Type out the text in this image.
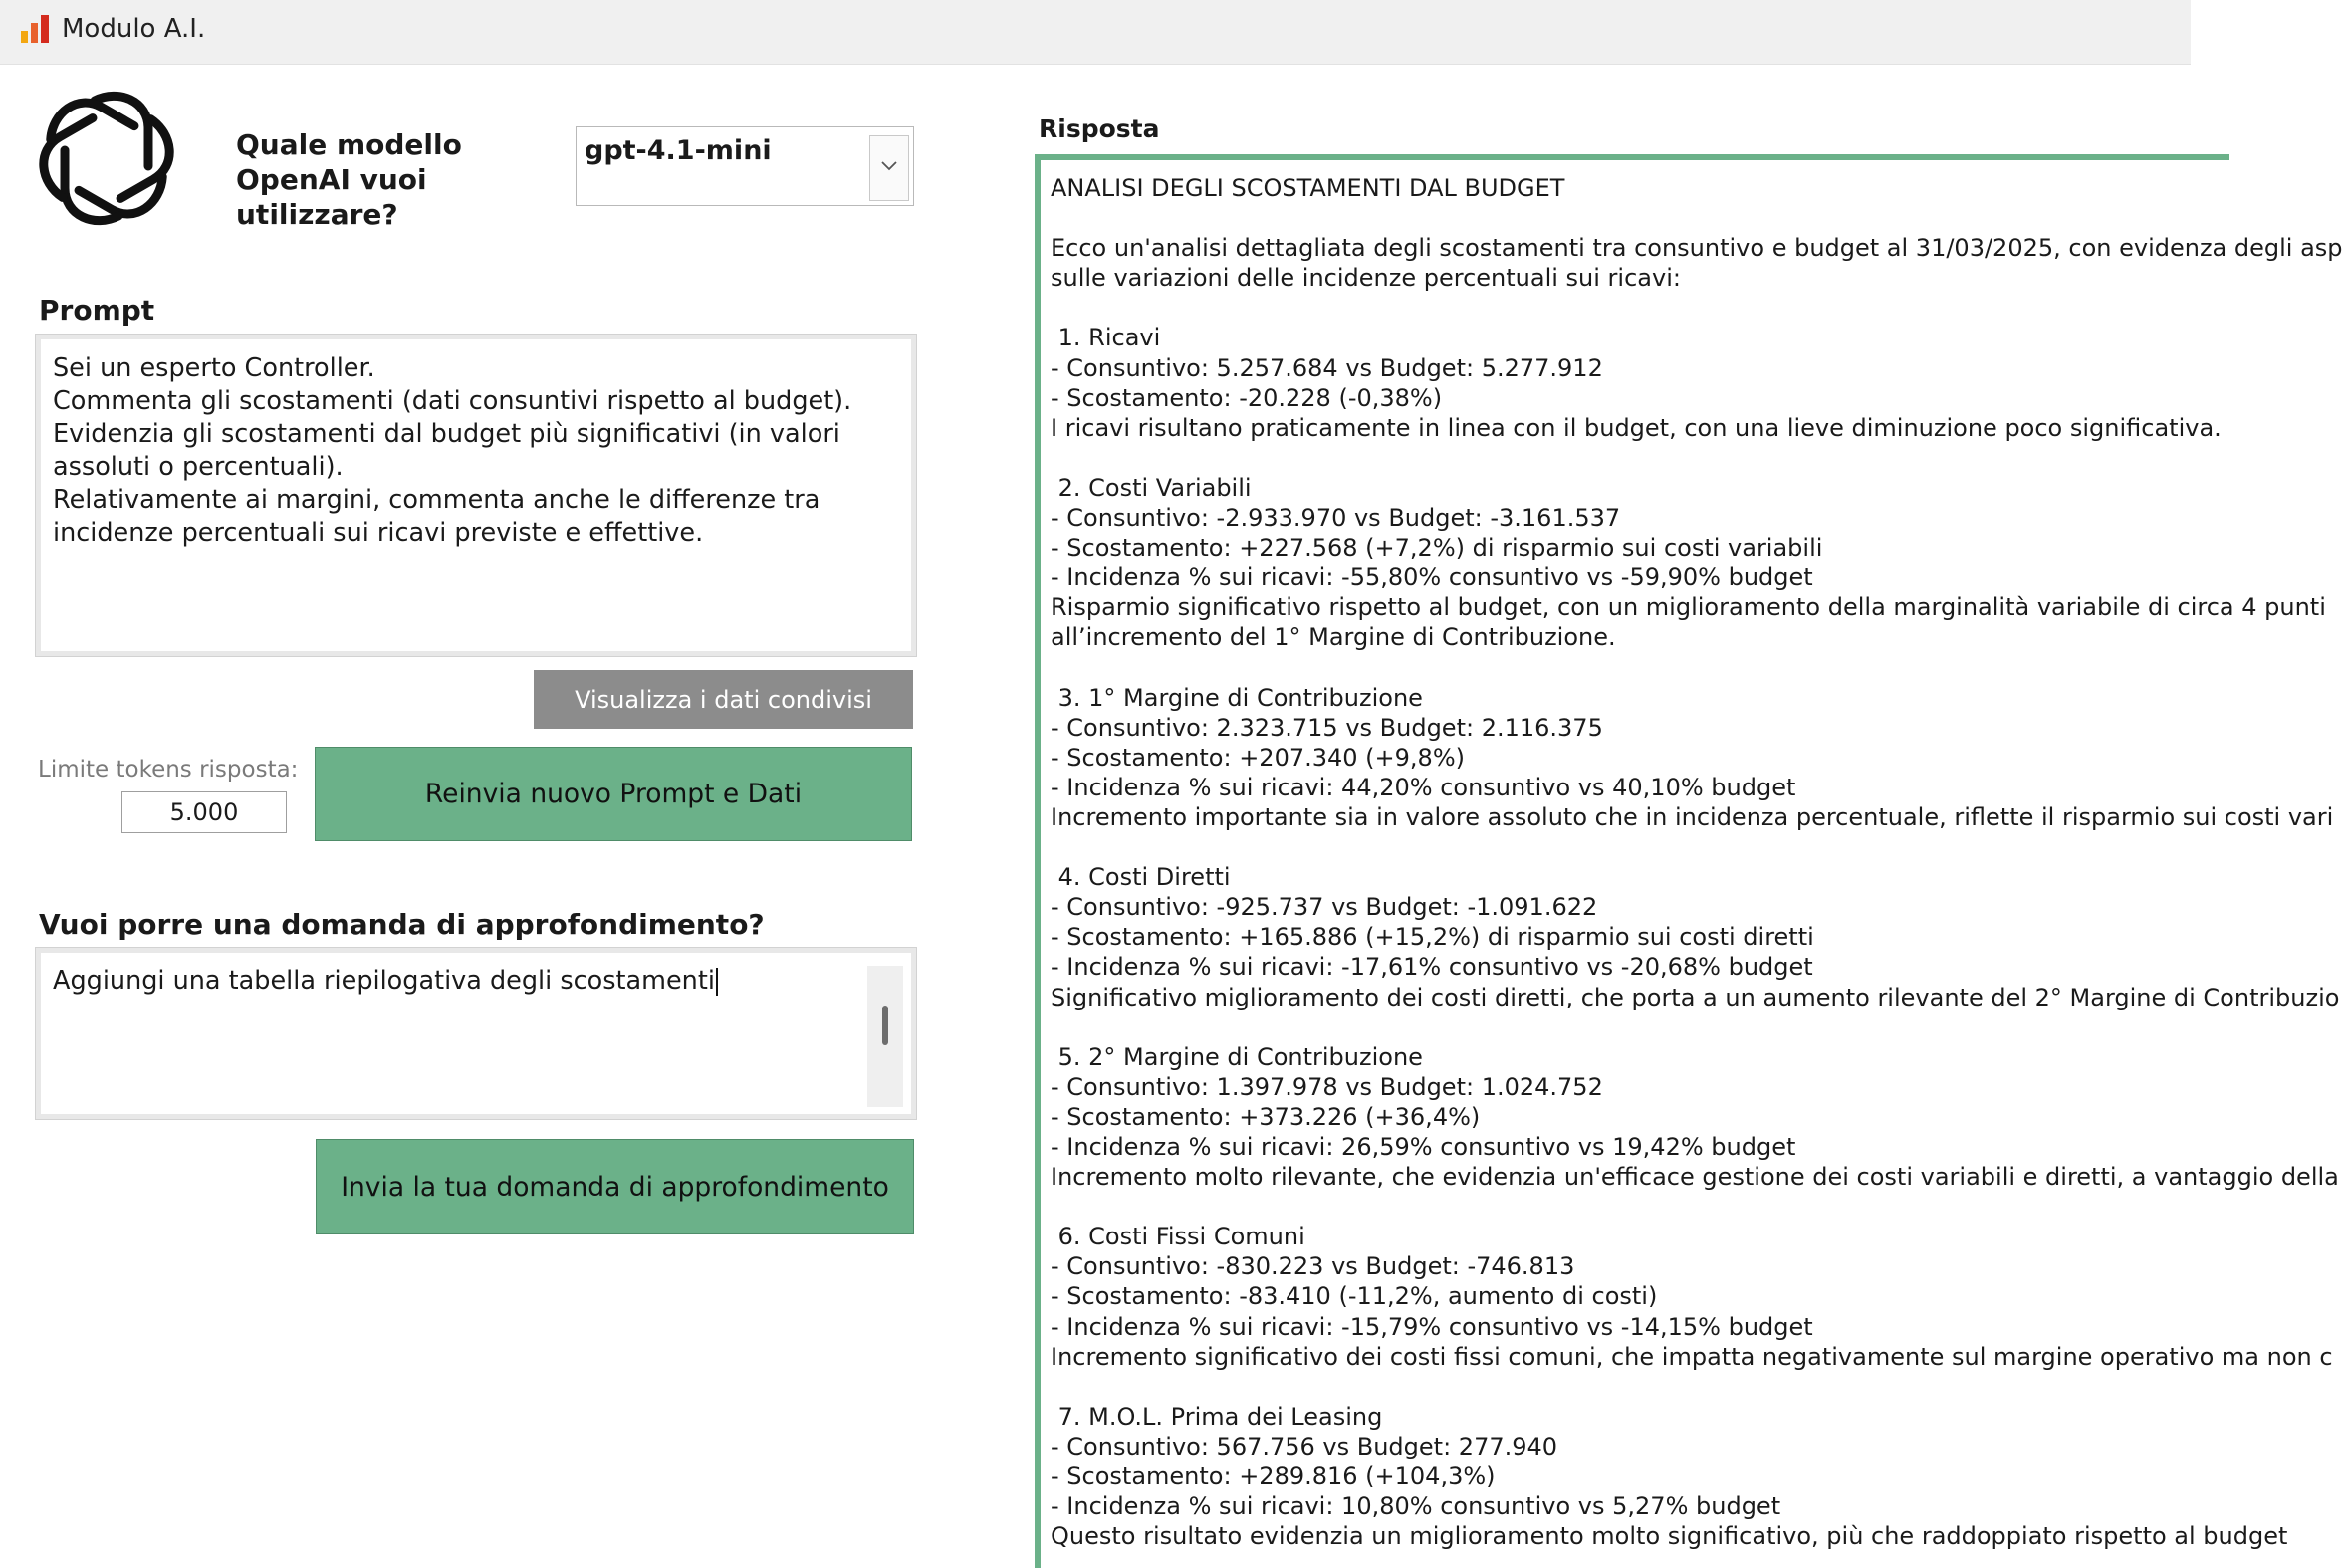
Modulo A.I.
Quale modello OpenAI vuoi utilizzare?
gpt-4.1-mini
Prompt
Sei un esperto Controller.
Commenta gli scostamenti (dati consuntivi rispetto al budget).
Evidenzia gli scostamenti dal budget più significativi (in valori
assoluti o percentuali).
Relativamente ai margini, commenta anche le differenze tra
incidenze percentuali sui ricavi previste e effettive.
Visualizza i dati condivisi
Limite tokens risposta:
5.000
Reinvia nuovo Prompt e Dati
Vuoi porre una domanda di approfondimento?
Aggiungi una tabella riepilogativa degli scostamenti
Invia la tua domanda di approfondimento
Risposta
ANALISI DEGLI SCOSTAMENTI DAL BUDGET

Ecco un'analisi dettagliata degli scostamenti tra consuntivo e budget al 31/03/2025, con evidenza degli asp
sulle variazioni delle incidenze percentuali sui ricavi:

1. Ricavi
- Consuntivo: 5.257.684 vs Budget: 5.277.912
- Scostamento: -20.228 (-0,38%)
I ricavi risultano praticamente in linea con il budget, con una lieve diminuzione poco significativa.

2. Costi Variabili
- Consuntivo: -2.933.970 vs Budget: -3.161.537
- Scostamento: +227.568 (+7,2%) di risparmio sui costi variabili
- Incidenza % sui ricavi: -55,80% consuntivo vs -59,90% budget
Risparmio significativo rispetto al budget, con un miglioramento della marginalità variabile di circa 4 punti
all’incremento del 1° Margine di Contribuzione.

3. 1° Margine di Contribuzione
- Consuntivo: 2.323.715 vs Budget: 2.116.375
- Scostamento: +207.340 (+9,8%)
- Incidenza % sui ricavi: 44,20% consuntivo vs 40,10% budget
Incremento importante sia in valore assoluto che in incidenza percentuale, riflette il risparmio sui costi vari

4. Costi Diretti
- Consuntivo: -925.737 vs Budget: -1.091.622
- Scostamento: +165.886 (+15,2%) di risparmio sui costi diretti
- Incidenza % sui ricavi: -17,61% consuntivo vs -20,68% budget
Significativo miglioramento dei costi diretti, che porta a un aumento rilevante del 2° Margine di Contribuzio

5. 2° Margine di Contribuzione
- Consuntivo: 1.397.978 vs Budget: 1.024.752
- Scostamento: +373.226 (+36,4%)
- Incidenza % sui ricavi: 26,59% consuntivo vs 19,42% budget
Incremento molto rilevante, che evidenzia un'efficace gestione dei costi variabili e diretti, a vantaggio della

6. Costi Fissi Comuni
- Consuntivo: -830.223 vs Budget: -746.813
- Scostamento: -83.410 (-11,2%, aumento di costi)
- Incidenza % sui ricavi: -15,79% consuntivo vs -14,15% budget
Incremento significativo dei costi fissi comuni, che impatta negativamente sul margine operativo ma non c

7. M.O.L. Prima dei Leasing
- Consuntivo: 567.756 vs Budget: 277.940
- Scostamento: +289.816 (+104,3%)
- Incidenza % sui ricavi: 10,80% consuntivo vs 5,27% budget
Questo risultato evidenzia un miglioramento molto significativo, più che raddoppiato rispetto al budget
